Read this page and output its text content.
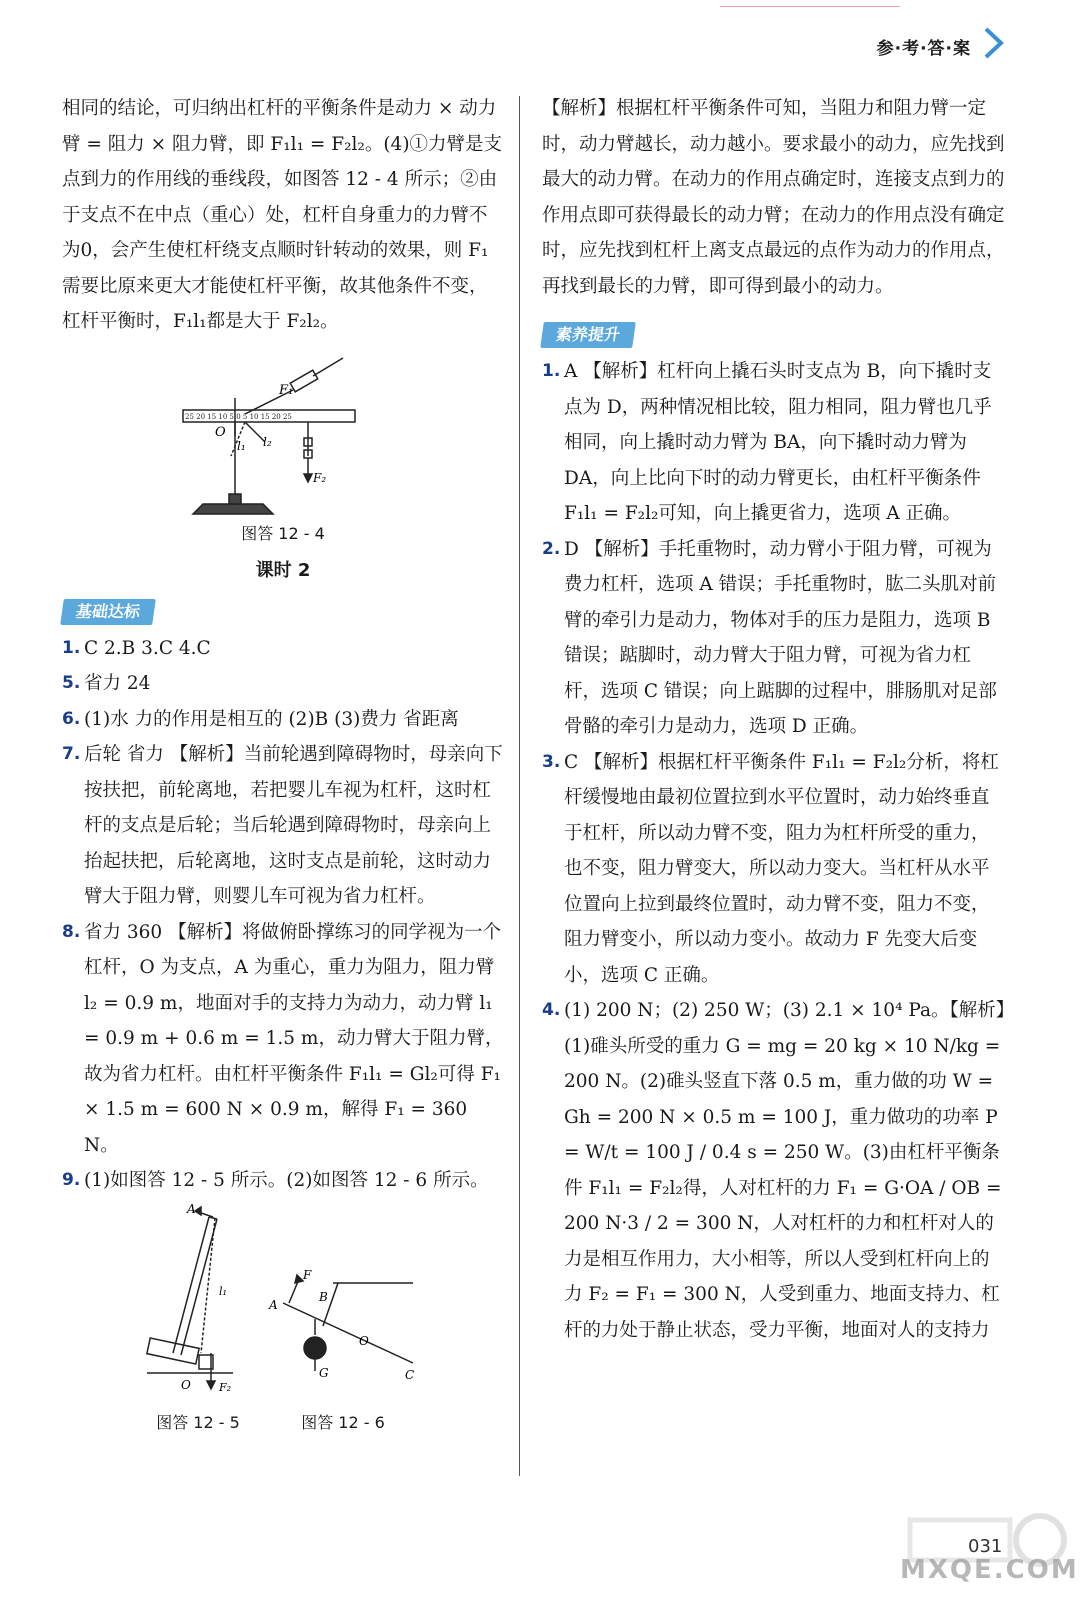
参·考·答·案

相同的结论，可归纳出杠杆的平衡条件是动力 × 动力臂 = 阻力 × 阻力臂，即 F₁l₁ = F₂l₂。(4)①力臂是支点到力的作用线的垂线段，如图答 12 - 4 所示；②由于支点不在中点（重心）处，杠杆自身重力的力臂不为0，会产生使杠杆绕支点顺时针转动的效果，则 F₁需要比原来更大才能使杠杆平衡，故其他条件不变，杠杆平衡时，F₁l₁都是大于 F₂l₂。

25 20 15 10 5 0 5 10 15 20 25
F₁
O
l₁ l₂
F₂
图答 12 - 4
课时 2
基础达标
1. C 2.B 3.C 4.C
5. 省力 24
6. (1)水 力的作用是相互的 (2)B (3)费力 省距离
7. 后轮 省力 【解析】当前轮遇到障碍物时，母亲向下按扶把，前轮离地，若把婴儿车视为杠杆，这时杠杆的支点是后轮；当后轮遇到障碍物时，母亲向上抬起扶把，后轮离地，这时支点是前轮，这时动力臂大于阻力臂，则婴儿车可视为省力杠杆。
8. 省力 360 【解析】将做俯卧撑练习的同学视为一个杠杆，O 为支点，A 为重心，重力为阻力，阻力臂 l₂ = 0.9 m，地面对手的支持力为动力，动力臂 l₁ = 0.9 m + 0.6 m = 1.5 m，动力臂大于阻力臂，故为省力杠杆。由杠杆平衡条件 F₁l₁ = Gl₂可得 F₁ × 1.5 m = 600 N × 0.9 m，解得 F₁ = 360 N。
9. (1)如图答 12 - 5 所示。(2)如图答 12 - 6 所示。
A
l₁
O	F₂
图答 12 - 5
F
A
B
O
G	C
图答 12 - 6

【解析】根据杠杆平衡条件可知，当阻力和阻力臂一定时，动力臂越长，动力越小。要求最小的动力，应先找到最大的动力臂。在动力的作用点确定时，连接支点到力的作用点即可获得最长的动力臂；在动力的作用点没有确定时，应先找到杠杆上离支点最远的点作为动力的作用点，再找到最长的力臂，即可得到最小的动力。

素养提升
1. A 【解析】杠杆向上撬石头时支点为 B，向下撬时支点为 D，两种情况相比较，阻力相同，阻力臂也几乎相同，向上撬时动力臂为 BA，向下撬时动力臂为 DA，向上比向下时的动力臂更长，由杠杆平衡条件 F₁l₁ = F₂l₂可知，向上撬更省力，选项 A 正确。
2. D 【解析】手托重物时，动力臂小于阻力臂，可视为费力杠杆，选项 A 错误；手托重物时，肱二头肌对前臂的牵引力是动力，物体对手的压力是阻力，选项 B 错误；踮脚时，动力臂大于阻力臂，可视为省力杠杆，选项 C 错误；向上踮脚的过程中，腓肠肌对足部骨骼的牵引力是动力，选项 D 正确。
3. C 【解析】根据杠杆平衡条件 F₁l₁ = F₂l₂分析，将杠杆缓慢地由最初位置拉到水平位置时，动力始终垂直于杠杆，所以动力臂不变，阻力为杠杆所受的重力，也不变，阻力臂变大，所以动力变大。当杠杆从水平位置向上拉到最终位置时，动力臂不变，阻力不变，阻力臂变小，所以动力变小。故动力 F 先变大后变小，选项 C 正确。
4. (1) 200 N；(2) 250 W；(3) 2.1 × 10⁴ Pa。【解析】(1)碓头所受的重力 G = mg = 20 kg × 10 N/kg = 200 N。(2)碓头竖直下落 0.5 m，重力做的功 W = Gh = 200 N × 0.5 m = 100 J，重力做功的功率 P = W/t = 100 J / 0.4 s = 250 W。(3)由杠杆平衡条件 F₁l₁ = F₂l₂得，人对杠杆的力 F₁ = G·OA / OB = 200 N·3 / 2 = 300 N，人对杠杆的力和杠杆对人的力是相互作用力，大小相等，所以人受到杠杆向上的力 F₂ = F₁ = 300 N，人受到重力、地面支持力、杠杆的力处于静止状态，受力平衡，地面对人的支持力
MXQE.COM
031
